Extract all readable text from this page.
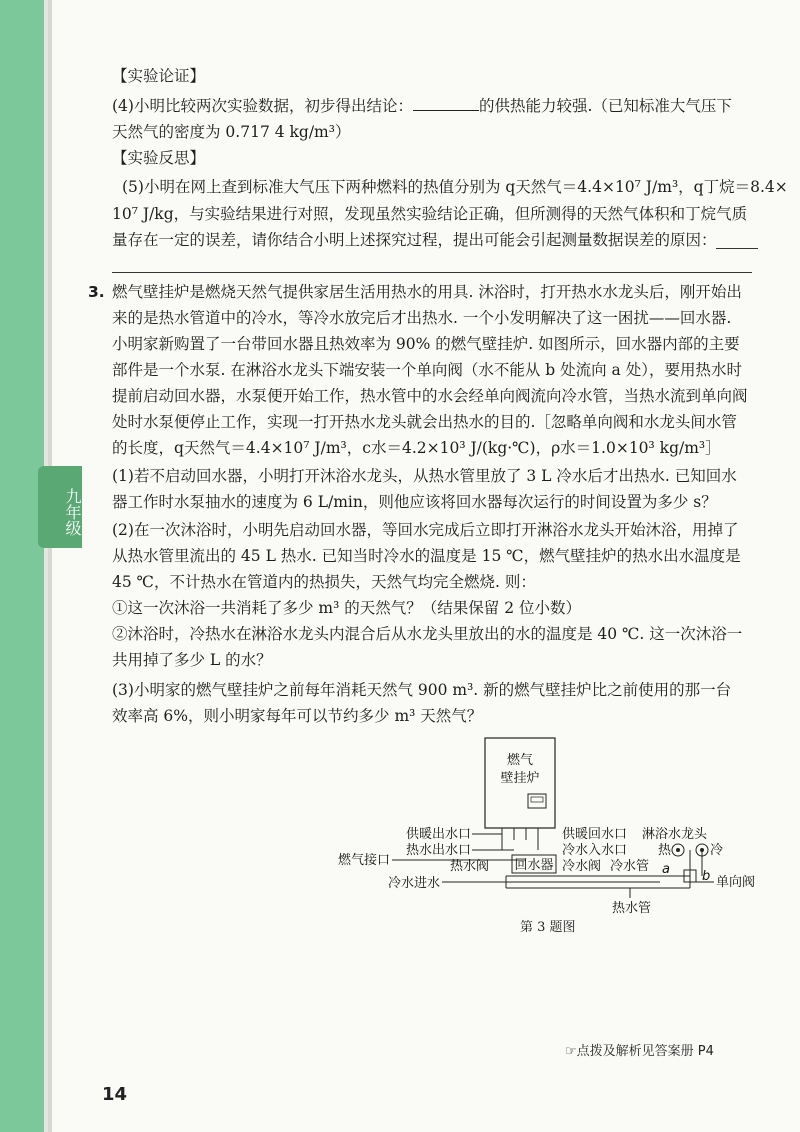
九年级
【实验论证】
(4)小明比较两次实验数据，初步得出结论：	的供热能力较强.（已知标准大气压下
天然气的密度为 0.717 4 kg/m³）
【实验反思】
(5)小明在网上查到标准大气压下两种燃料的热值分别为 q天然气＝4.4×10⁷ J/m³，q丁烷＝8.4×
10⁷ J/kg，与实验结果进行对照，发现虽然实验结论正确，但所测得的天然气体积和丁烷气质
量存在一定的误差，请你结合小明上述探究过程，提出可能会引起测量数据误差的原因：
3. 燃气壁挂炉是燃烧天然气提供家居生活用热水的用具. 沐浴时，打开热水水龙头后，刚开始出
来的是热水管道中的冷水，等冷水放完后才出热水. 一个小发明解决了这一困扰——回水器.
小明家新购置了一台带回水器且热效率为 90% 的燃气壁挂炉. 如图所示，回水器内部的主要
部件是一个水泵. 在淋浴水龙头下端安装一个单向阀（水不能从 b 处流向 a 处），要用热水时
提前启动回水器，水泵便开始工作，热水管中的水会经单向阀流向冷水管，当热水流到单向阀
处时水泵便停止工作，实现一打开热水龙头就会出热水的目的.［忽略单向阀和水龙头间水管
的长度，q天然气＝4.4×10⁷ J/m³，c水＝4.2×10³ J/(kg·℃)，ρ水＝1.0×10³ kg/m³］
(1)若不启动回水器，小明打开沐浴水龙头，从热水管里放了 3 L 冷水后才出热水. 已知回水
器工作时水泵抽水的速度为 6 L/min，则他应该将回水器每次运行的时间设置为多少 s？
(2)在一次沐浴时，小明先启动回水器，等回水完成后立即打开淋浴水龙头开始沐浴，用掉了
从热水管里流出的 45 L 热水. 已知当时冷水的温度是 15 ℃，燃气壁挂炉的热水出水温度是
45 ℃，不计热水在管道内的热损失，天然气均完全燃烧. 则：
①这一次沐浴一共消耗了多少 m³ 的天然气？（结果保留 2 位小数）
②沐浴时，冷热水在淋浴水龙头内混合后从水龙头里放出的水的温度是 40 ℃. 这一次沐浴一
共用掉了多少 L 的水？
(3)小明家的燃气壁挂炉之前每年消耗天然气 900 m³. 新的燃气壁挂炉比之前使用的那一台
效率高 6%，则小明家每年可以节约多少 m³ 天然气？
燃气
壁挂炉
供暖出水口
热水出水口
燃气接口	热水阀
冷水进水
供暖回水口
冷水入水口
冷水阀
回水器
淋浴水龙头
热	冷
冷水管 a b 单向阀
热水管
第 3 题图
☞点拨及解析见答案册 P4
14
